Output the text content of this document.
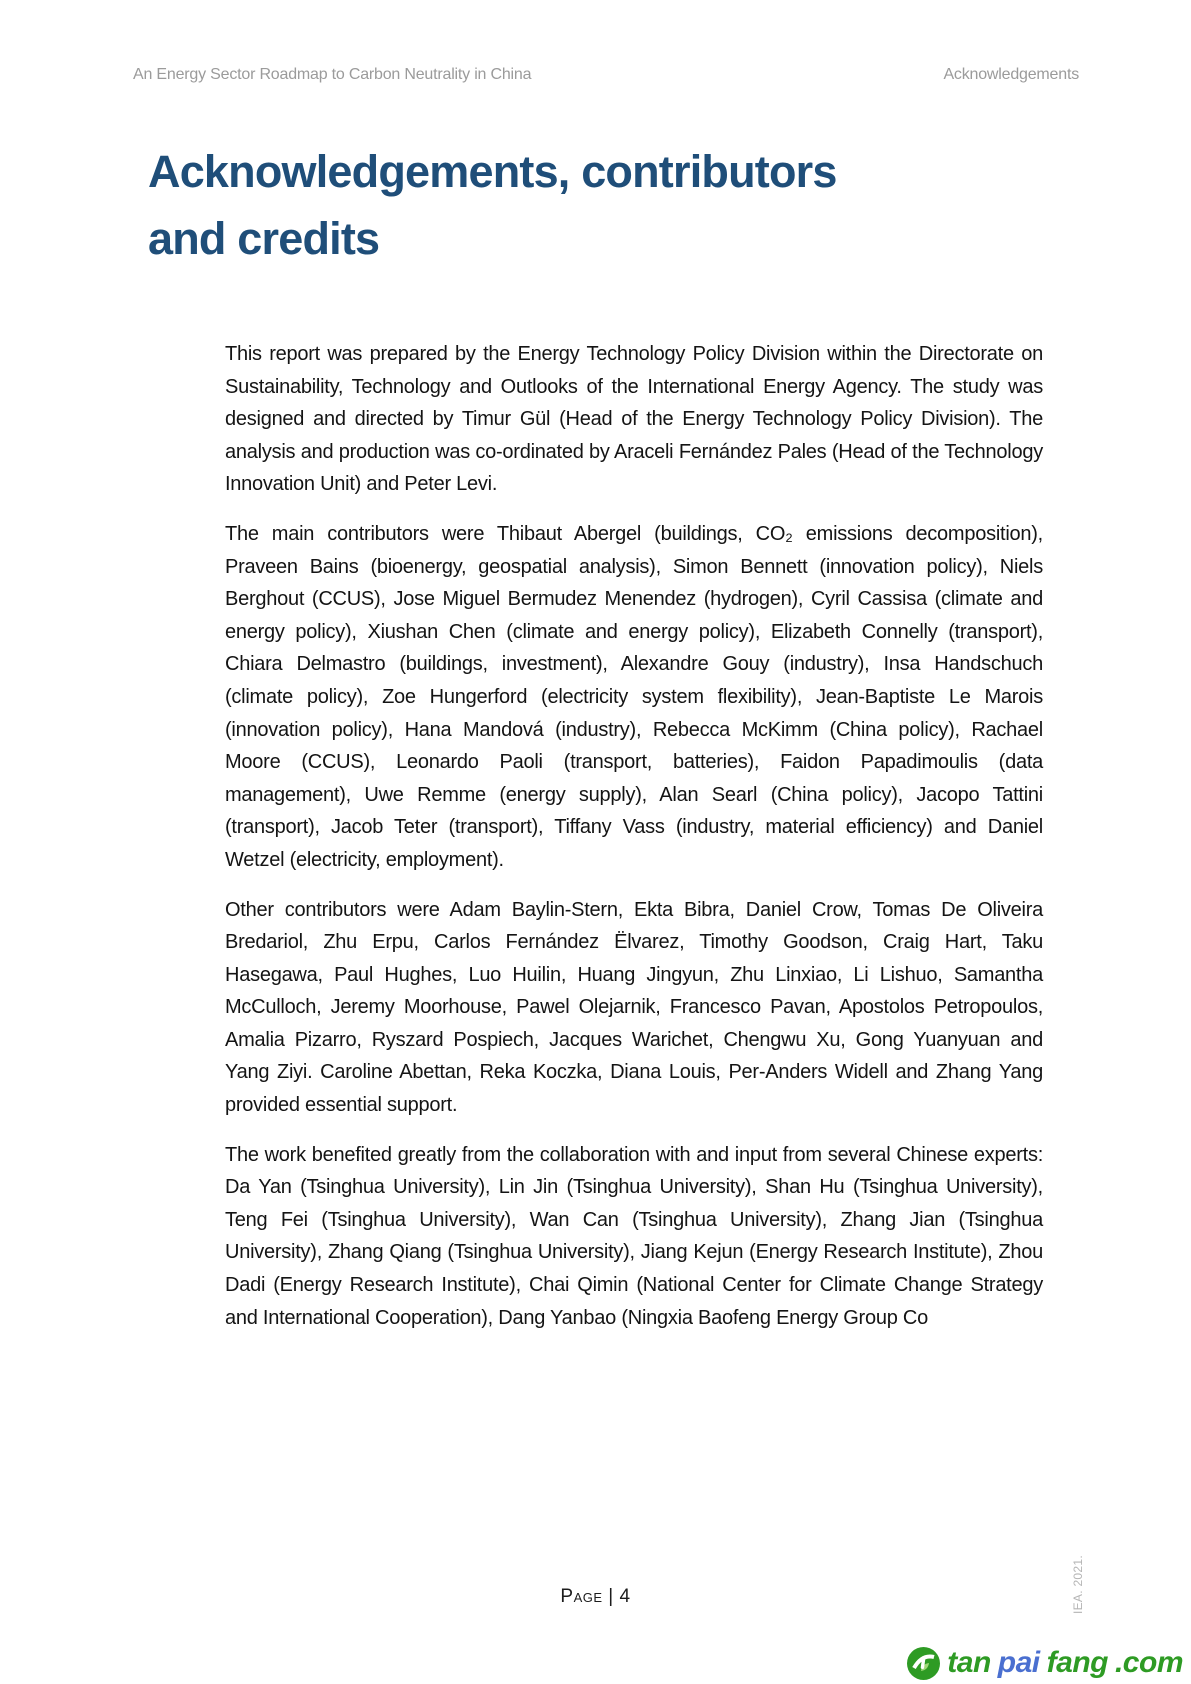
An Energy Sector Roadmap to Carbon Neutrality in China	Acknowledgements
Acknowledgements, contributors
and credits

This report was prepared by the Energy Technology Policy Division within the Directorate on Sustainability, Technology and Outlooks of the International Energy Agency. The study was designed and directed by Timur Gül (Head of the Energy Technology Policy Division). The analysis and production was co-ordinated by Araceli Fernández Pales (Head of the Technology Innovation Unit) and Peter Levi.

The main contributors were Thibaut Abergel (buildings, CO₂ emissions decomposition), Praveen Bains (bioenergy, geospatial analysis), Simon Bennett (innovation policy), Niels Berghout (CCUS), Jose Miguel Bermudez Menendez (hydrogen), Cyril Cassisa (climate and energy policy), Xiushan Chen (climate and energy policy), Elizabeth Connelly (transport), Chiara Delmastro (buildings, investment), Alexandre Gouy (industry), Insa Handschuch (climate policy), Zoe Hungerford (electricity system flexibility), Jean-Baptiste Le Marois (innovation policy), Hana Mandová (industry), Rebecca McKimm (China policy), Rachael Moore (CCUS), Leonardo Paoli (transport, batteries), Faidon Papadimoulis (data management), Uwe Remme (energy supply), Alan Searl (China policy), Jacopo Tattini (transport), Jacob Teter (transport), Tiffany Vass (industry, material efficiency) and Daniel Wetzel (electricity, employment).

Other contributors were Adam Baylin-Stern, Ekta Bibra, Daniel Crow, Tomas De Oliveira Bredariol, Zhu Erpu, Carlos Fernández Ëlvarez, Timothy Goodson, Craig Hart, Taku Hasegawa, Paul Hughes, Luo Huilin, Huang Jingyun, Zhu Linxiao, Li Lishuo, Samantha McCulloch, Jeremy Moorhouse, Pawel Olejarnik, Francesco Pavan, Apostolos Petropoulos, Amalia Pizarro, Ryszard Pospiech, Jacques Warichet, Chengwu Xu, Gong Yuanyuan and Yang Ziyi. Caroline Abettan, Reka Koczka, Diana Louis, Per-Anders Widell and Zhang Yang provided essential support.

The work benefited greatly from the collaboration with and input from several Chinese experts: Da Yan (Tsinghua University), Lin Jin (Tsinghua University), Shan Hu (Tsinghua University), Teng Fei (Tsinghua University), Wan Can (Tsinghua University), Zhang Jian (Tsinghua University), Zhang Qiang (Tsinghua University), Jiang Kejun (Energy Research Institute), Zhou Dadi (Energy Research Institute), Chai Qimin (National Center for Climate Change Strategy and International Cooperation), Dang Yanbao (Ningxia Baofeng Energy Group Co

Page | 4	IEA. 2021.
tan pai fang .com
